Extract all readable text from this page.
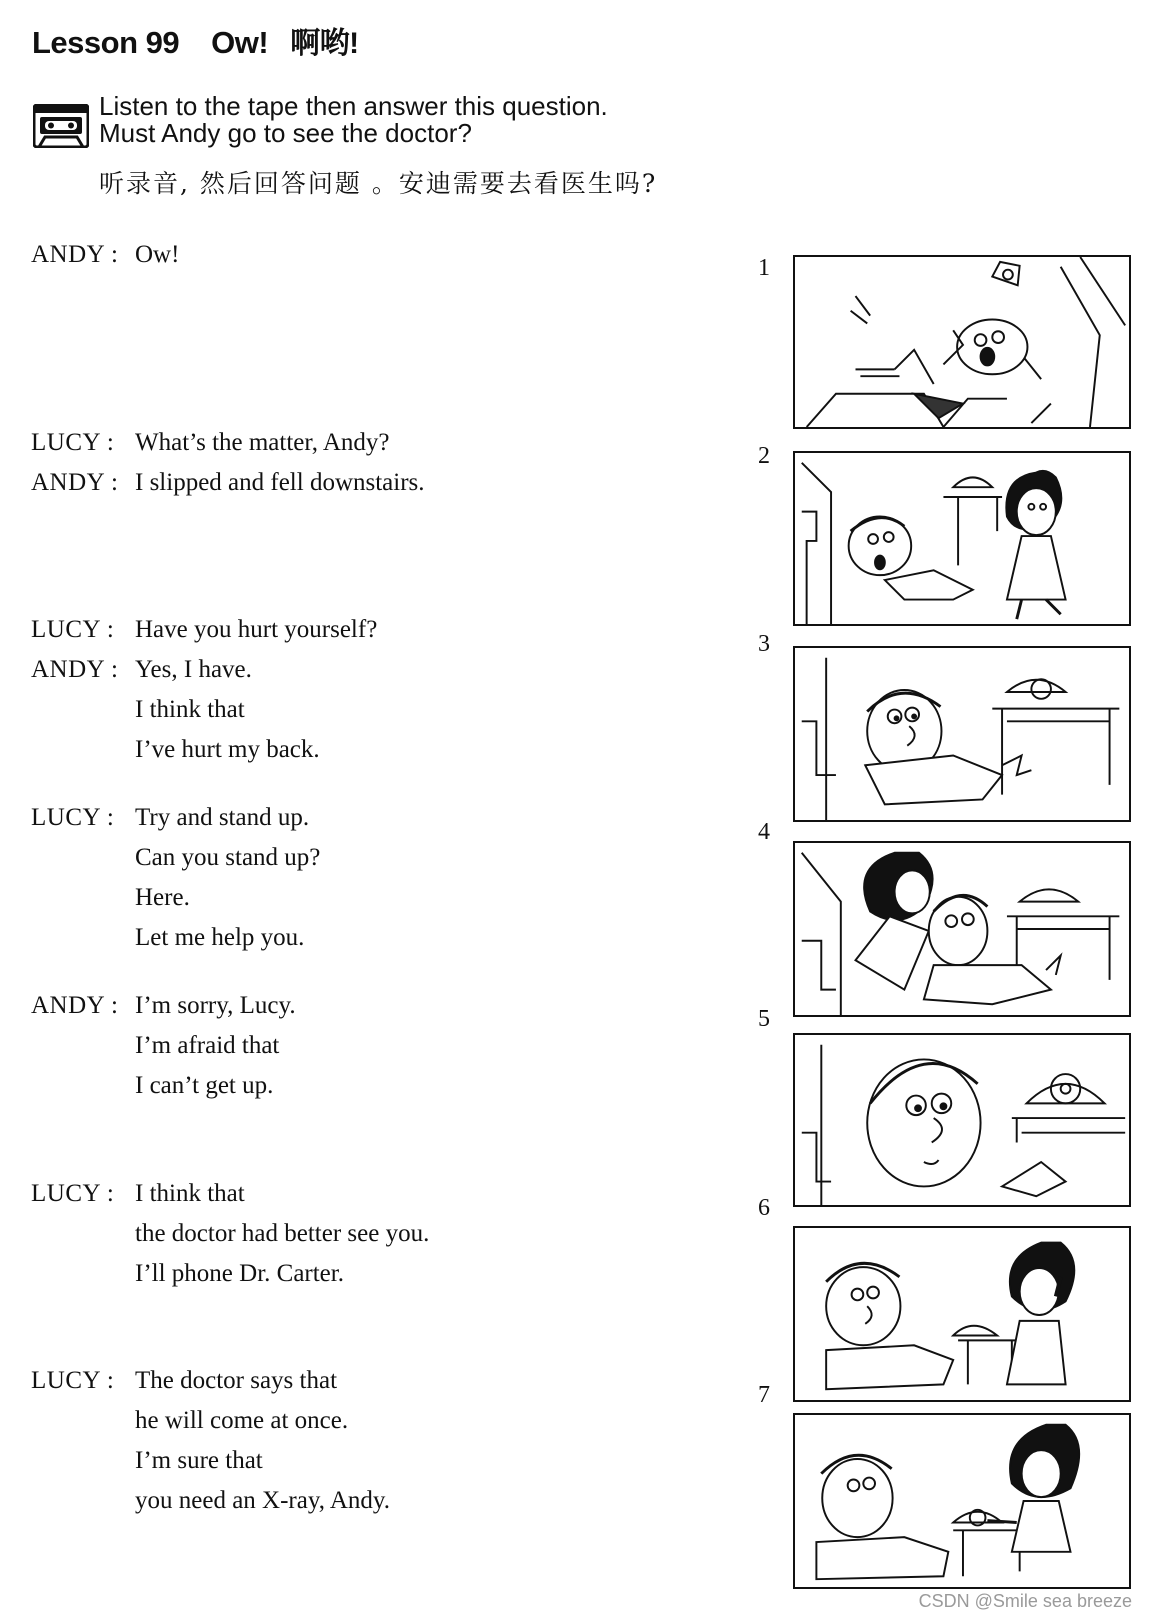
Lesson 99 Ow! 啊哟!
Listen to the tape then answer this question.
Must Andy go to see the doctor?
听录音, 然后回答问题 。安迪需要去看医生吗?
ANDY : Ow!
LUCY : What’s the matter, Andy?
ANDY : I slipped and fell downstairs.
LUCY : Have you hurt yourself?
ANDY : Yes, I have.
I think that
I’ve hurt my back.
LUCY : Try and stand up.
Can you stand up?
Here.
Let me help you.
ANDY : I’m sorry, Lucy.
I’m afraid that
I can’t get up.
LUCY : I think that
the doctor had better see you.
I’ll phone Dr. Carter.
LUCY : The doctor says that
he will come at once.
I’m sure that
you need an X-ray, Andy.
1
2
3
4
5
6
7
CSDN @Smile sea breeze
